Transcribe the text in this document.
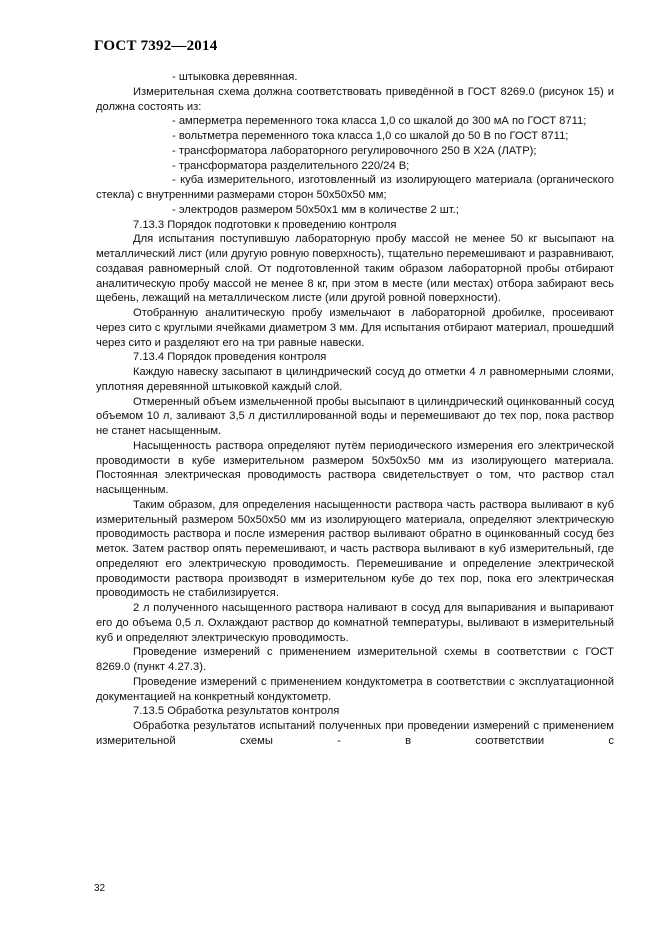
ГОСТ 7392—2014

- штыковка деревянная.

Измерительная схема должна соответствовать приведённой в ГОСТ 8269.0 (рисунок 15) и должна состоять из:

- амперметра переменного тока класса 1,0 со шкалой до 300 мА по ГОСТ 8711;

- вольтметра переменного тока класса 1,0 со шкалой до 50 В по ГОСТ 8711;

- трансформатора лабораторного регулировочного 250 В Х2А (ЛАТР);

- трансформатора разделительного 220/24 В;

- куба измерительного, изготовленный из изолирующего материала (органического стекла) с внутренними размерами сторон 50х50х50 мм;

- электродов размером 50х50х1 мм в количестве 2 шт.;

7.13.3 Порядок подготовки к проведению контроля

Для испытания поступившую лабораторную пробу массой не менее 50 кг высыпают на металлический лист (или другую ровную поверхность), тщательно перемешивают и разравнивают, создавая равномерный слой. От подготовленной таким образом лабораторной пробы отбирают аналитическую пробу массой не менее 8 кг, при этом в месте (или местах) отбора забирают весь щебень, лежащий на металлическом листе (или другой ровной поверхности).

Отобранную аналитическую пробу измельчают в лабораторной дробилке, просеивают через сито с круглыми ячейками диаметром 3 мм. Для испытания отбирают материал, прошедший через сито и разделяют его на три равные навески.

7.13.4 Порядок проведения контроля

Каждую навеску засыпают в цилиндрический сосуд до отметки 4 л равномерными слоями, уплотняя деревянной штыковкой каждый слой.

Отмеренный объем измельченной пробы высыпают в цилиндрический оцинкованный сосуд объемом 10 л, заливают 3,5 л дистиллированной воды и перемешивают до тех пор, пока раствор не станет насыщенным.

Насыщенность раствора определяют путём периодического измерения его электрической проводимости в кубе измерительном размером 50х50х50 мм из изолирующего материала. Постоянная электрическая проводимость раствора свидетельствует о том, что раствор стал насыщенным.

Таким образом, для определения насыщенности раствора часть раствора выливают в куб измерительный размером 50х50х50 мм из изолирующего материала, определяют электрическую проводимость раствора и после измерения раствор выливают обратно в оцинкованный сосуд без меток. Затем раствор опять перемешивают, и часть раствора выливают в куб измерительный, где определяют его электрическую проводимость. Перемешивание и определение электрической проводимости раствора производят в измерительном кубе до тех пор, пока его электрическая проводимость не стабилизируется.

2 л полученного насыщенного раствора наливают в сосуд для выпаривания и выпаривают его до объема 0,5 л. Охлаждают раствор до комнатной температуры, выливают в измерительный куб и определяют электрическую проводимость.

Проведение измерений с применением измерительной схемы в соответствии с ГОСТ 8269.0 (пункт 4.27.3).

Проведение измерений с применением кондуктометра в соответствии с эксплуатационной документацией на конкретный кондуктометр.

7.13.5 Обработка результатов контроля

Обработка результатов испытаний полученных при проведении измерений с применением измерительной схемы - в соответствии с

32
